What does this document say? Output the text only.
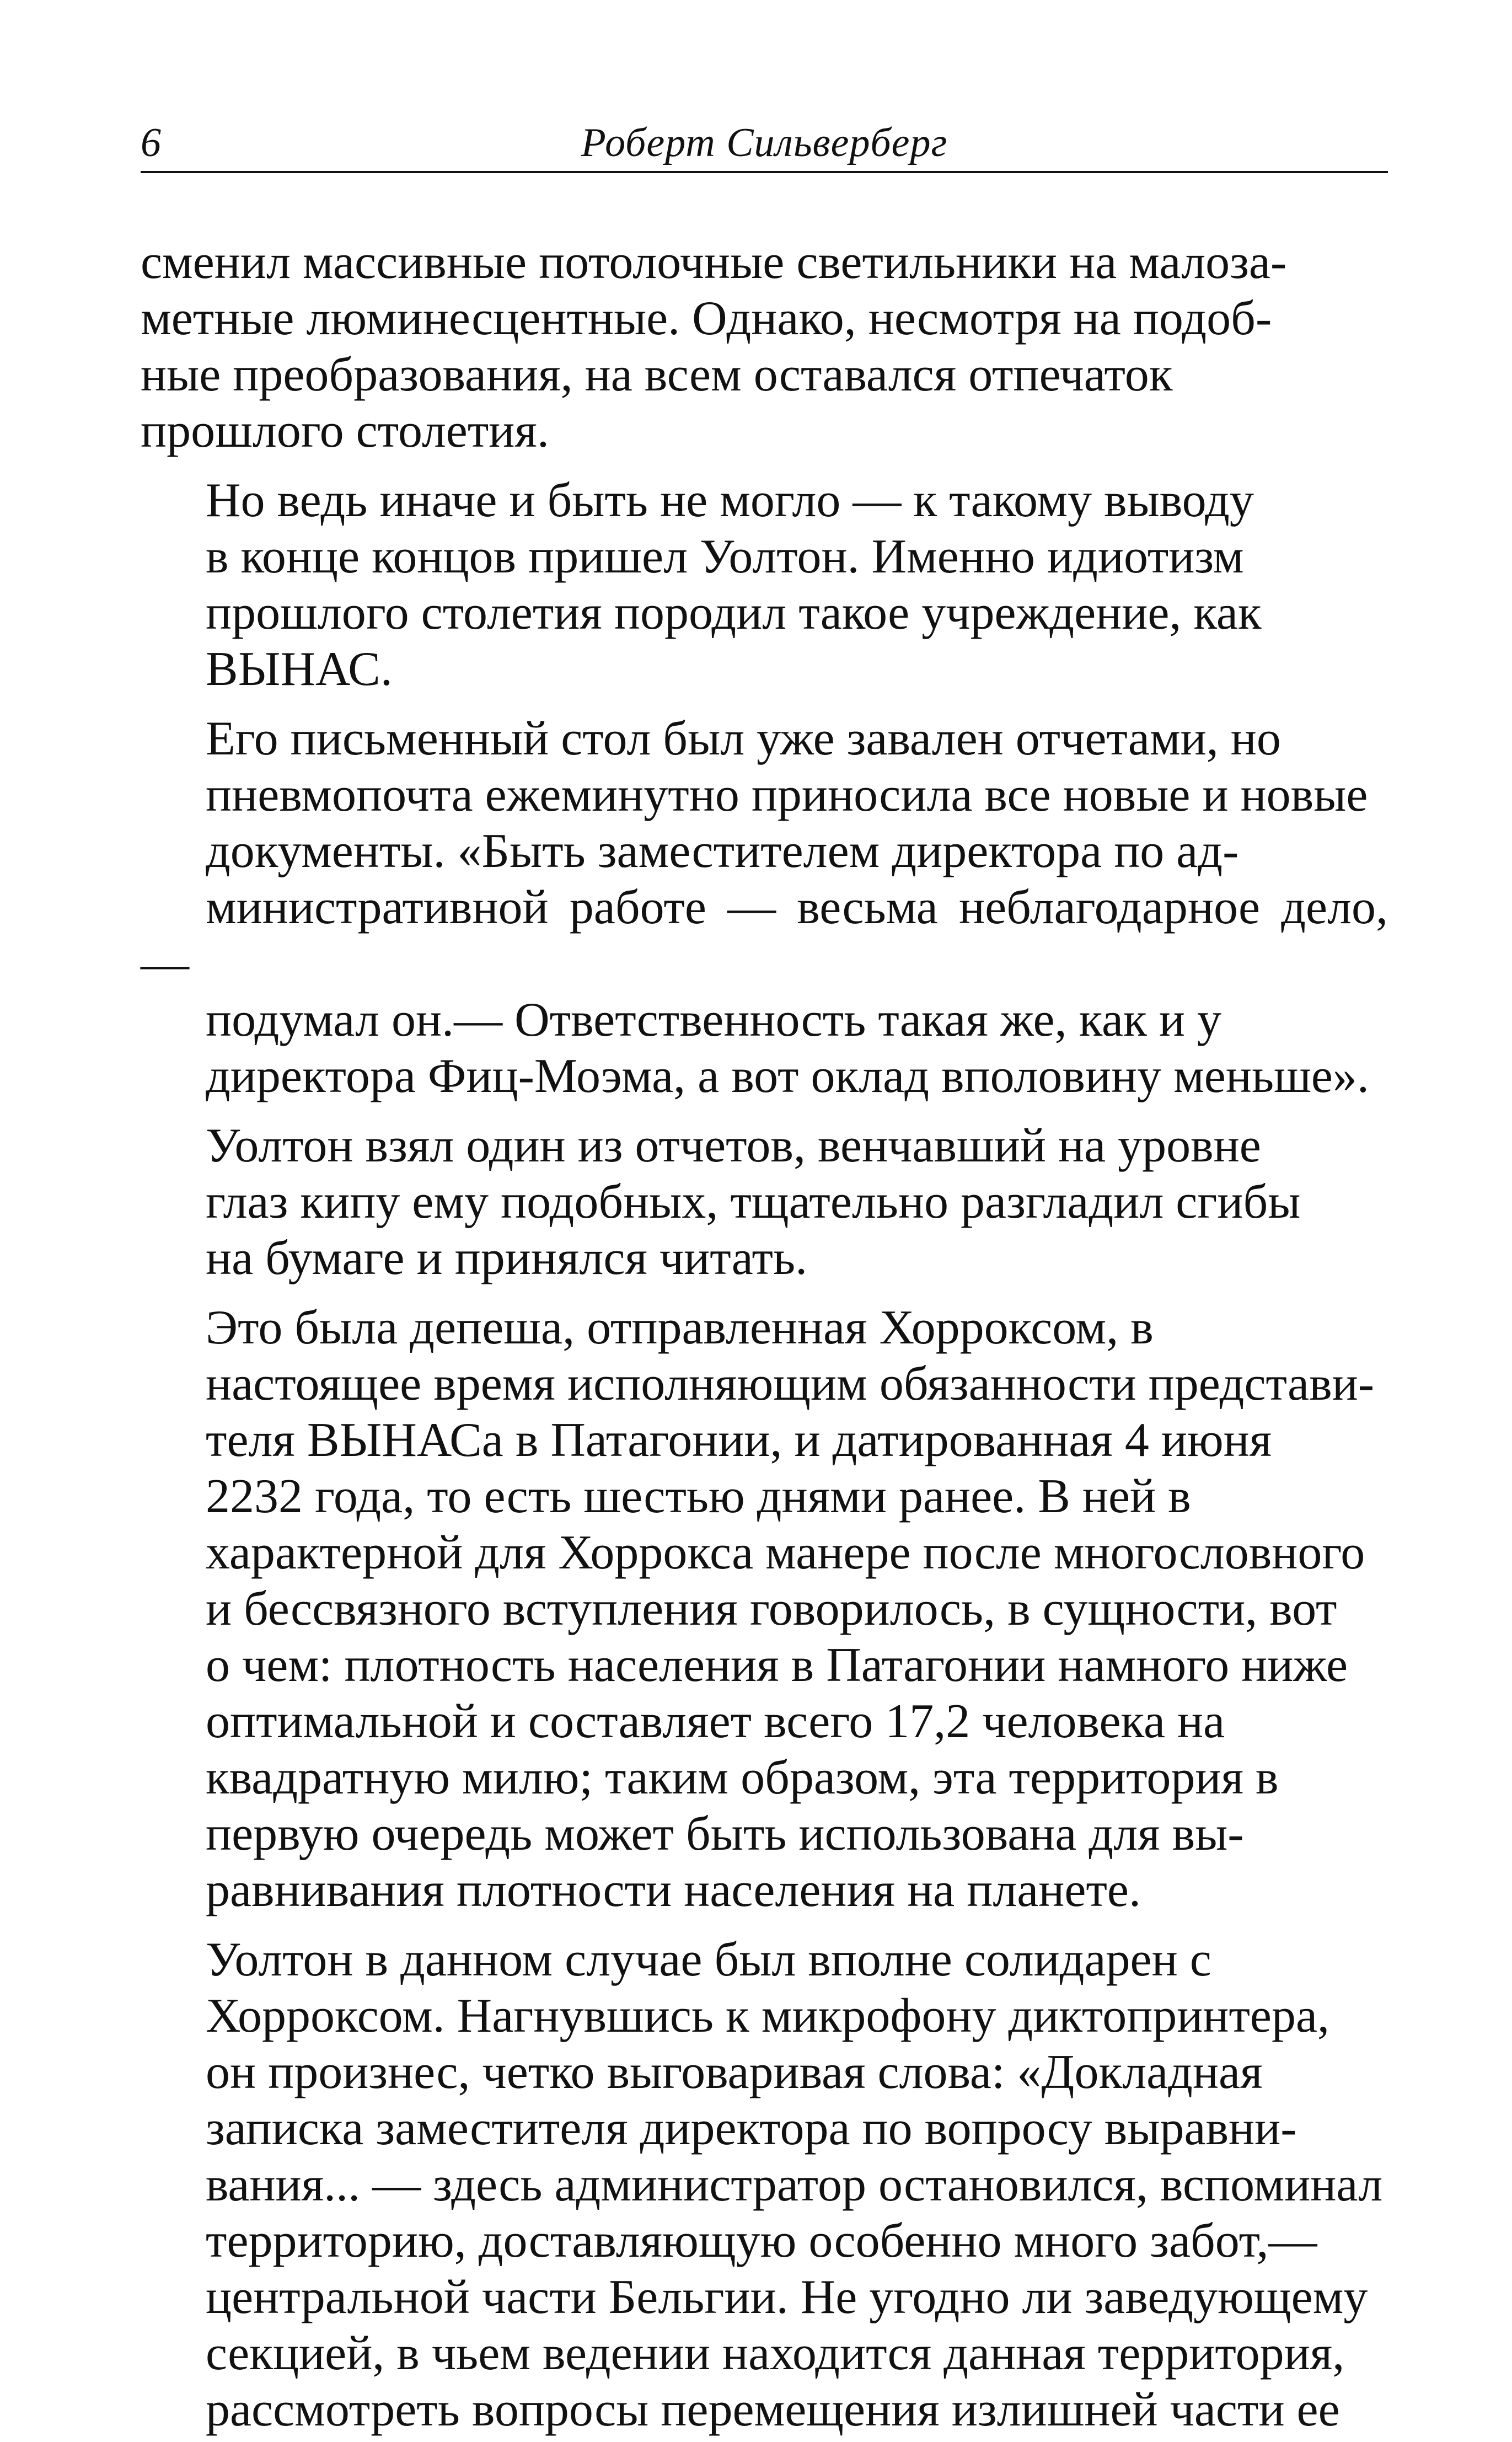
6	Роберт Сильверберг

сменил массивные потолочные светильники на малоза-
метные люминесцентные. Однако, несмотря на подоб-
ные преобразования, на всем оставался отпечаток
прошлого столетия.

Но ведь иначе и быть не могло — к такому выводу
в конце концов пришел Уолтон. Именно идиотизм
прошлого столетия породил такое учреждение, как
ВЫНАС.

Его письменный стол был уже завален отчетами, но
пневмопочта ежеминутно приносила все новые и новые
документы. «Быть заместителем директора по ад-
министративной работе — весьма неблагодарное дело,—
подумал он.— Ответственность такая же, как и у
директора Фиц-Моэма, а вот оклад вполовину меньше».

Уолтон взял один из отчетов, венчавший на уровне
глаз кипу ему подобных, тщательно разгладил сгибы
на бумаге и принялся читать.

Это была депеша, отправленная Хорроксом, в
настоящее время исполняющим обязанности представи-
теля ВЫНАСа в Патагонии, и датированная 4 июня
2232 года, то есть шестью днями ранее. В ней в
характерной для Хоррокса манере после многословного
и бессвязного вступления говорилось, в сущности, вот
о чем: плотность населения в Патагонии намного ниже
оптимальной и составляет всего 17,2 человека на
квадратную милю; таким образом, эта территория в
первую очередь может быть использована для вы-
равнивания плотности населения на планете.

Уолтон в данном случае был вполне солидарен с
Хорроксом. Нагнувшись к микрофону диктопринтера,
он произнес, четко выговаривая слова: «Докладная
записка заместителя директора по вопросу выравни-
вания... — здесь администратор остановился, вспоминал
территорию, доставляющую особенно много забот,—
центральной части Бельгии. Не угодно ли заведующему
секцией, в чьем ведении находится данная территория,
рассмотреть вопросы перемещения излишней части ее
